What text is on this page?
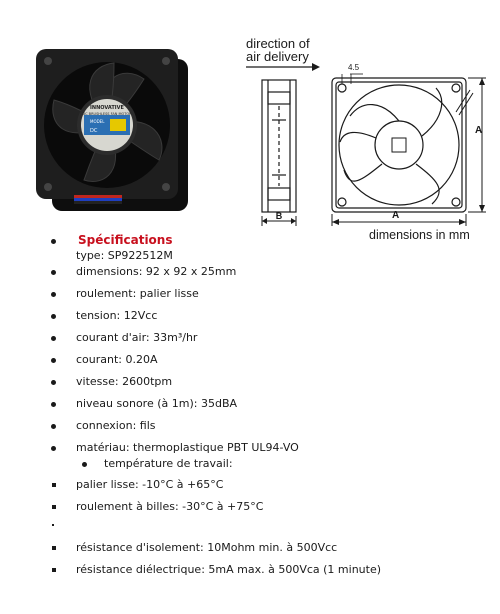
INNOVATIVE
DC BRUSHLESS FAN MOTOR
MODEL
DC
direction of
air delivery
B
4.5
A
A
dimensions in mm
Spécifications
type: SP922512M
dimensions: 92 x 92 x 25mm
roulement: palier lisse
tension: 12Vcc
courant d'air: 33m³/hr
courant: 0.20A
vitesse: 2600tpm
niveau sonore (à 1m): 35dBA
connexion: fils
matériau: thermoplastique PBT UL94-VO
température de travail:
palier lisse: -10°C à +65°C
roulement à billes: -30°C à +75°C
résistance d'isolement: 10Mohm min. à 500Vcc
résistance diélectrique: 5mA max. à 500Vca (1 minute)
